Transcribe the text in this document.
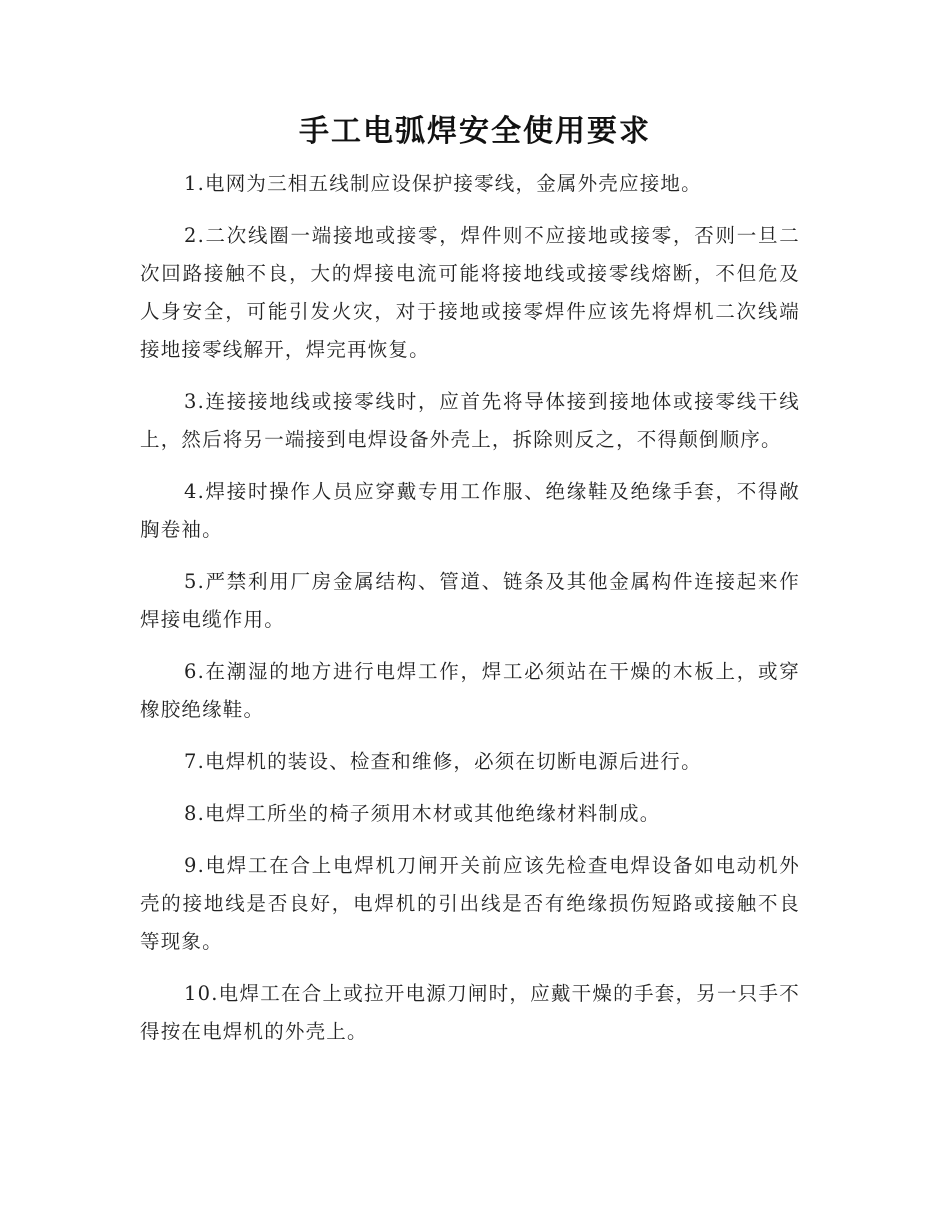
手工电弧焊安全使用要求

1.电网为三相五线制应设保护接零线，金属外壳应接地。

2.二次线圈一端接地或接零，焊件则不应接地或接零，否则一旦二次回路接触不良，大的焊接电流可能将接地线或接零线熔断，不但危及人身安全，可能引发火灾，对于接地或接零焊件应该先将焊机二次线端接地接零线解开，焊完再恢复。

3.连接接地线或接零线时，应首先将导体接到接地体或接零线干线上，然后将另一端接到电焊设备外壳上，拆除则反之，不得颠倒顺序。

4.焊接时操作人员应穿戴专用工作服、绝缘鞋及绝缘手套，不得敞胸卷袖。

5.严禁利用厂房金属结构、管道、链条及其他金属构件连接起来作焊接电缆作用。

6.在潮湿的地方进行电焊工作，焊工必须站在干燥的木板上，或穿橡胶绝缘鞋。

7.电焊机的装设、检查和维修，必须在切断电源后进行。

8.电焊工所坐的椅子须用木材或其他绝缘材料制成。

9.电焊工在合上电焊机刀闸开关前应该先检查电焊设备如电动机外壳的接地线是否良好，电焊机的引出线是否有绝缘损伤短路或接触不良等现象。

10.电焊工在合上或拉开电源刀闸时，应戴干燥的手套，另一只手不得按在电焊机的外壳上。
